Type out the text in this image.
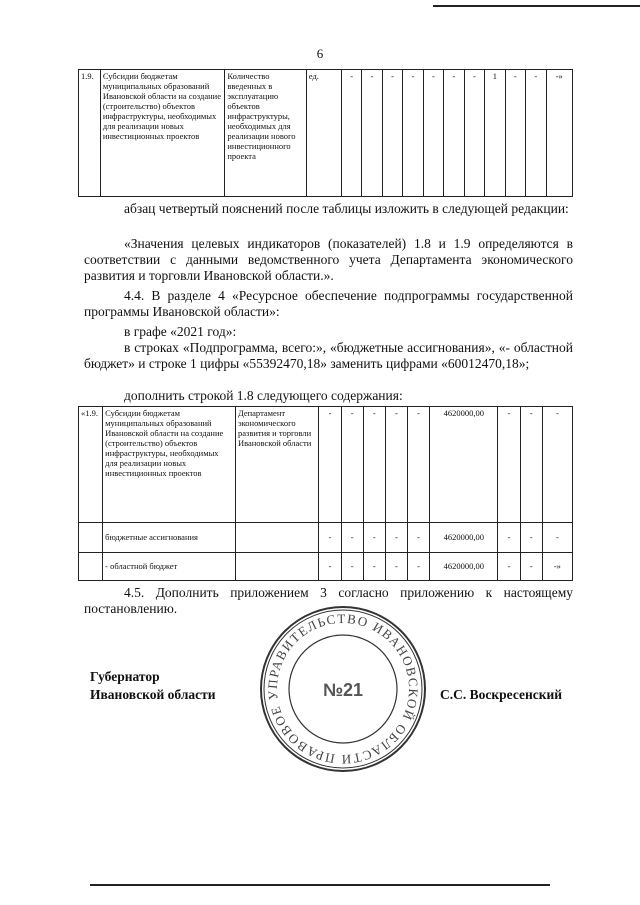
6
1.9.	Субсидии бюджетам муниципальных образований Ивановской области на создание (строительство) объектов инфраструктуры, необходимых для реализации новых инвестиционных проектов	Количество введенных в эксплуатацию объектов инфраструктуры, необходимых для реализации нового инвестиционного проекта	ед.	-	-	-	-	-	-	-	1	-	-	-»
абзац четвертый пояснений после таблицы изложить в следующей редакции:
«Значения целевых индикаторов (показателей) 1.8 и 1.9 определяются в соответствии с данными ведомственного учета Департамента экономического развития и торговли Ивановской области.».
4.4. В разделе 4 «Ресурсное обеспечение подпрограммы государственной программы Ивановской области»:
в графе «2021 год»:
в строках «Подпрограмма, всего:», «бюджетные ассигнования», «- областной бюджет» и строке 1 цифры «55392470,18» заменить цифрами «60012470,18»;
дополнить строкой 1.8 следующего содержания:
«1.9.	Субсидии бюджетам муниципальных образований Ивановской области на создание (строительство) объектов инфраструктуры, необходимых для реализации новых инвестиционных проектов	Департамент экономического развития и торговли Ивановской области	-	-	-	-	-	4620000,00	-	-	-
	бюджетные ассигнования		-	-	-	-	-	4620000,00	-	-	-
	- областной бюджет		-	-	-	-	-	4620000,00	-	-	-»
4.5. Дополнить приложением 3 согласно приложению к настоящему постановлению.
ПРАВИТЕЛЬСТВО ИВАНОВСКОЙ ОБЛАСТИ ПРАВОВОЕ У	№21
Губернатор
Ивановской области	С.С. Воскресенский
